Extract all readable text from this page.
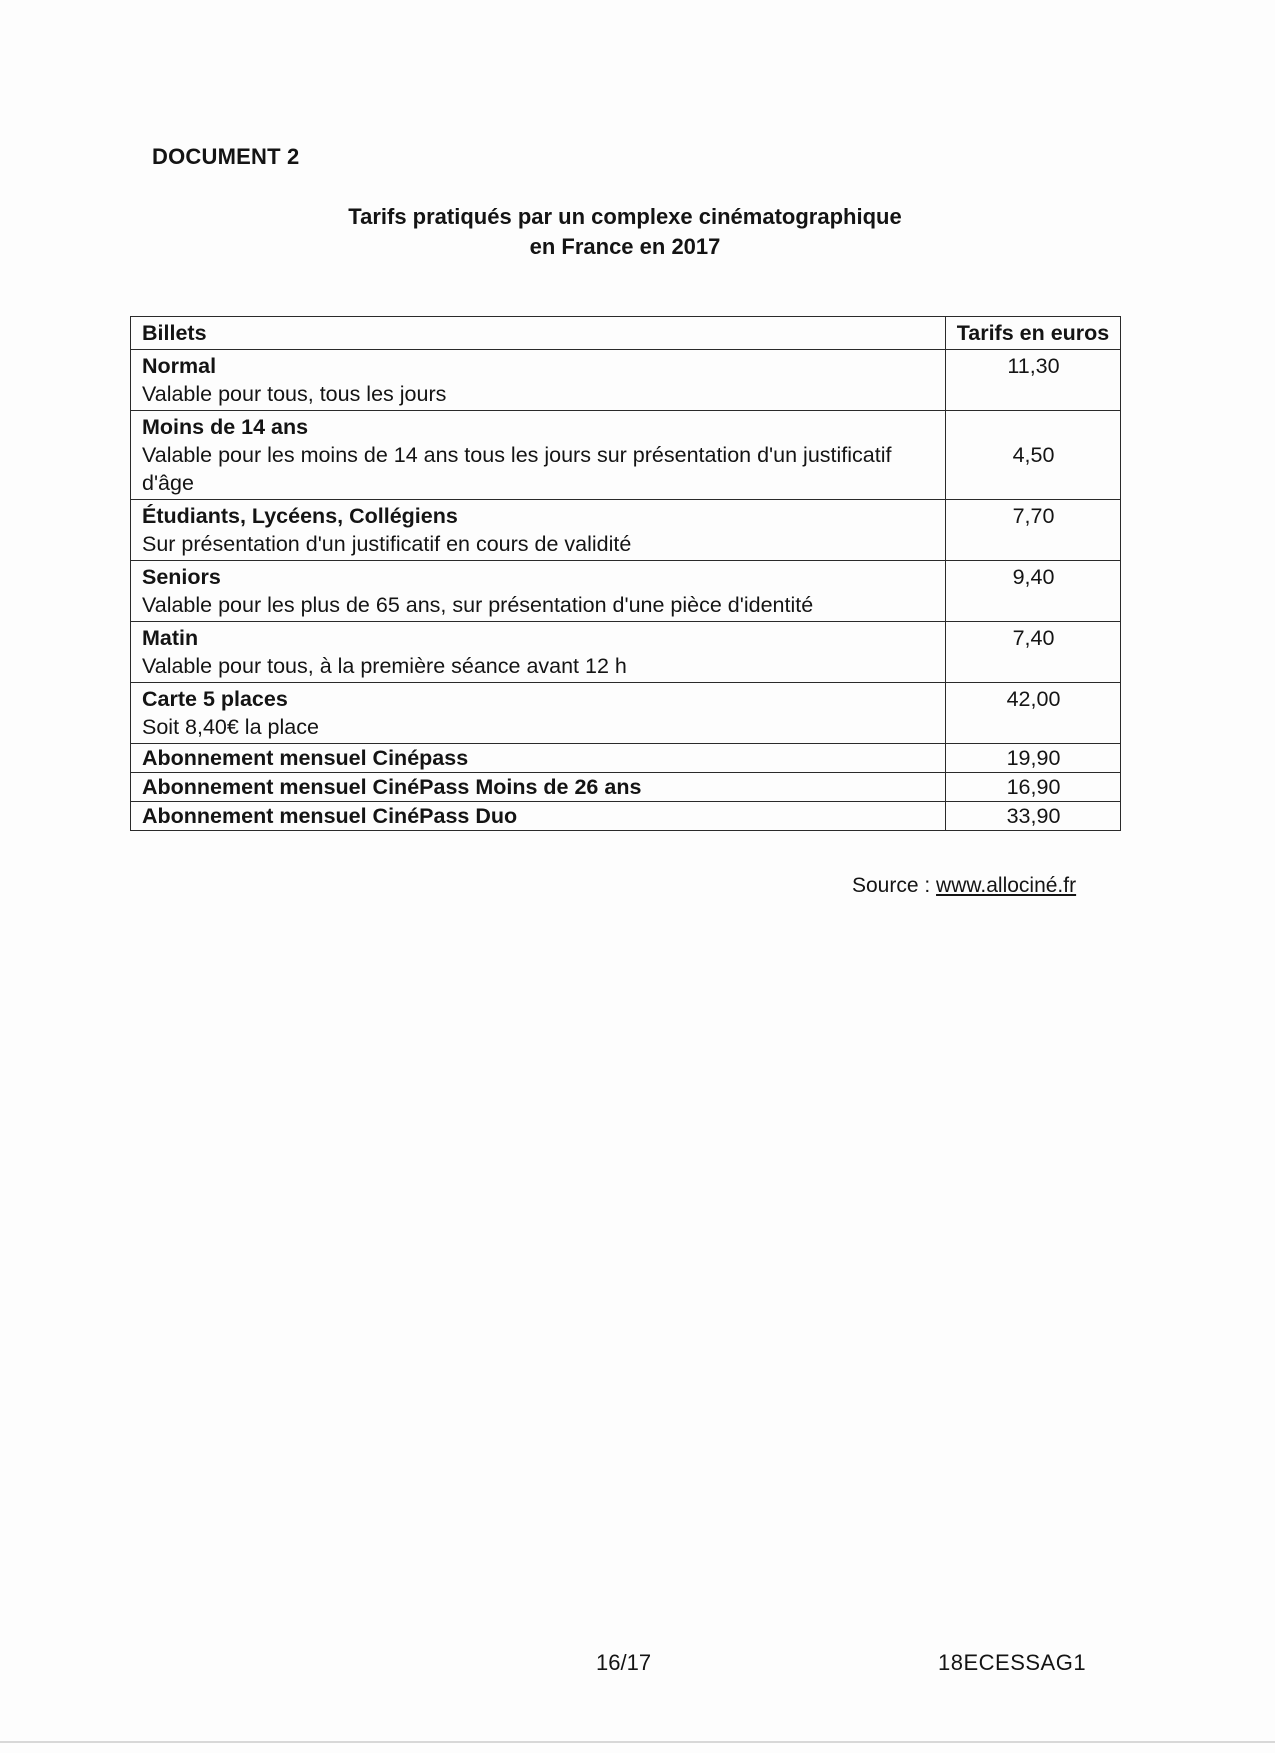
DOCUMENT 2
Tarifs pratiqués par un complexe cinématographique
en France en 2017
Billets	Tarifs en euros

Normal
Valable pour tous, tous les jours	11,30

Moins de 14 ans
Valable pour les moins de 14 ans tous les jours sur présentation d'un justificatif d'âge	4,50

Étudiants, Lycéens, Collégiens
Sur présentation d'un justificatif en cours de validité	7,70

Seniors
Valable pour les plus de 65 ans, sur présentation d'une pièce d'identité	9,40

Matin
Valable pour tous, à la première séance avant 12 h	7,40

Carte 5 places
Soit 8,40€ la place	42,00

Abonnement mensuel Cinépass	19,90

Abonnement mensuel CinéPass Moins de 26 ans	16,90

Abonnement mensuel CinéPass Duo	33,90
Source : www.allociné.fr
16/17	18ECESSAG1
